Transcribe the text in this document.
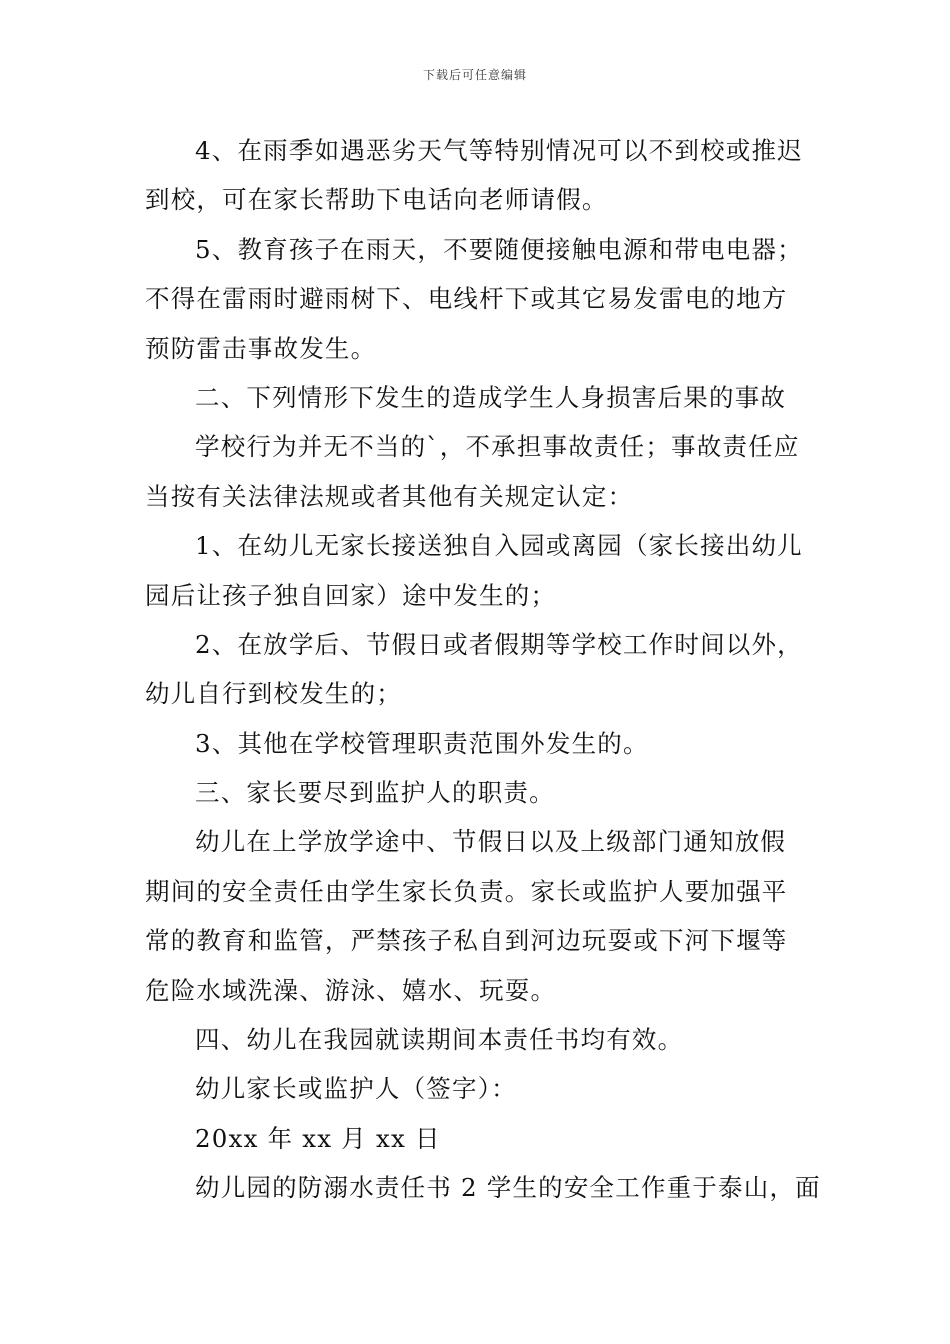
下载后可任意编辑

4、在雨季如遇恶劣天气等特别情况可以不到校或推迟
到校，可在家长帮助下电话向老师请假。

5、教育孩子在雨天，不要随便接触电源和带电电器；
不得在雷雨时避雨树下、电线杆下或其它易发雷电的地方
预防雷击事故发生。

二、下列情形下发生的造成学生人身损害后果的事故

学校行为并无不当的`，不承担事故责任；事故责任应
当按有关法律法规或者其他有关规定认定：

1、在幼儿无家长接送独自入园或离园（家长接出幼儿
园后让孩子独自回家）途中发生的；

2、在放学后、节假日或者假期等学校工作时间以外，
幼儿自行到校发生的；

3、其他在学校管理职责范围外发生的。

三、家长要尽到监护人的职责。

幼儿在上学放学途中、节假日以及上级部门通知放假
期间的安全责任由学生家长负责。家长或监护人要加强平
常的教育和监管，严禁孩子私自到河边玩耍或下河下堰等
危险水域洗澡、游泳、嬉水、玩耍。

四、幼儿在我园就读期间本责任书均有效。

幼儿家长或监护人（签字）：

20xx 年 xx 月 xx 日

幼儿园的防溺水责任书 2 学生的安全工作重于泰山，面
